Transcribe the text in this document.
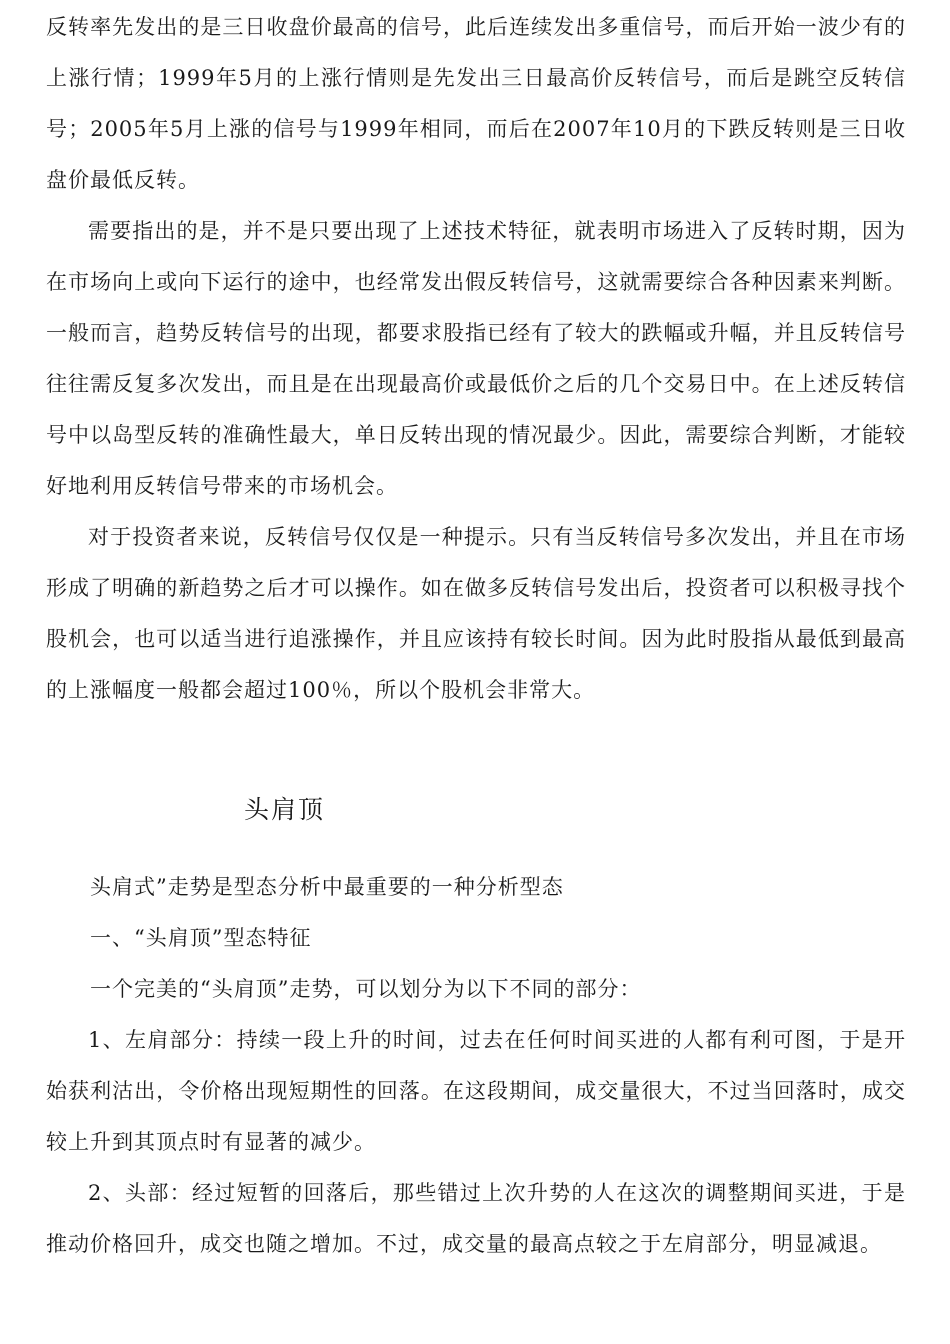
反转率先发出的是三日收盘价最高的信号，此后连续发出多重信号，而后开始一波少有的上涨行情；1999年5月的上涨行情则是先发出三日最高价反转信号，而后是跳空反转信号；2005年5月上涨的信号与1999年相同，而后在2007年10月的下跌反转则是三日收盘价最低反转。

需要指出的是，并不是只要出现了上述技术特征，就表明市场进入了反转时期，因为在市场向上或向下运行的途中，也经常发出假反转信号，这就需要综合各种因素来判断。一般而言，趋势反转信号的出现，都要求股指已经有了较大的跌幅或升幅，并且反转信号往往需反复多次发出，而且是在出现最高价或最低价之后的几个交易日中。在上述反转信号中以岛型反转的准确性最大，单日反转出现的情况最少。因此，需要综合判断，才能较好地利用反转信号带来的市场机会。

对于投资者来说，反转信号仅仅是一种提示。只有当反转信号多次发出，并且在市场形成了明确的新趋势之后才可以操作。如在做多反转信号发出后，投资者可以积极寻找个股机会，也可以适当进行追涨操作，并且应该持有较长时间。因为此时股指从最低到最高的上涨幅度一般都会超过100％，所以个股机会非常大。

头肩顶

头肩式”走势是型态分析中最重要的一种分析型态

一、“头肩顶”型态特征

一个完美的“头肩顶”走势，可以划分为以下不同的部分：

1、左肩部分：持续一段上升的时间，过去在任何时间买进的人都有利可图，于是开始获利沽出，令价格出现短期性的回落。在这段期间，成交量很大，不过当回落时，成交较上升到其顶点时有显著的减少。

2、头部：经过短暂的回落后，那些错过上次升势的人在这次的调整期间买进，于是推动价格回升，成交也随之增加。不过，成交量的最高点较之于左肩部分，明显减退。
